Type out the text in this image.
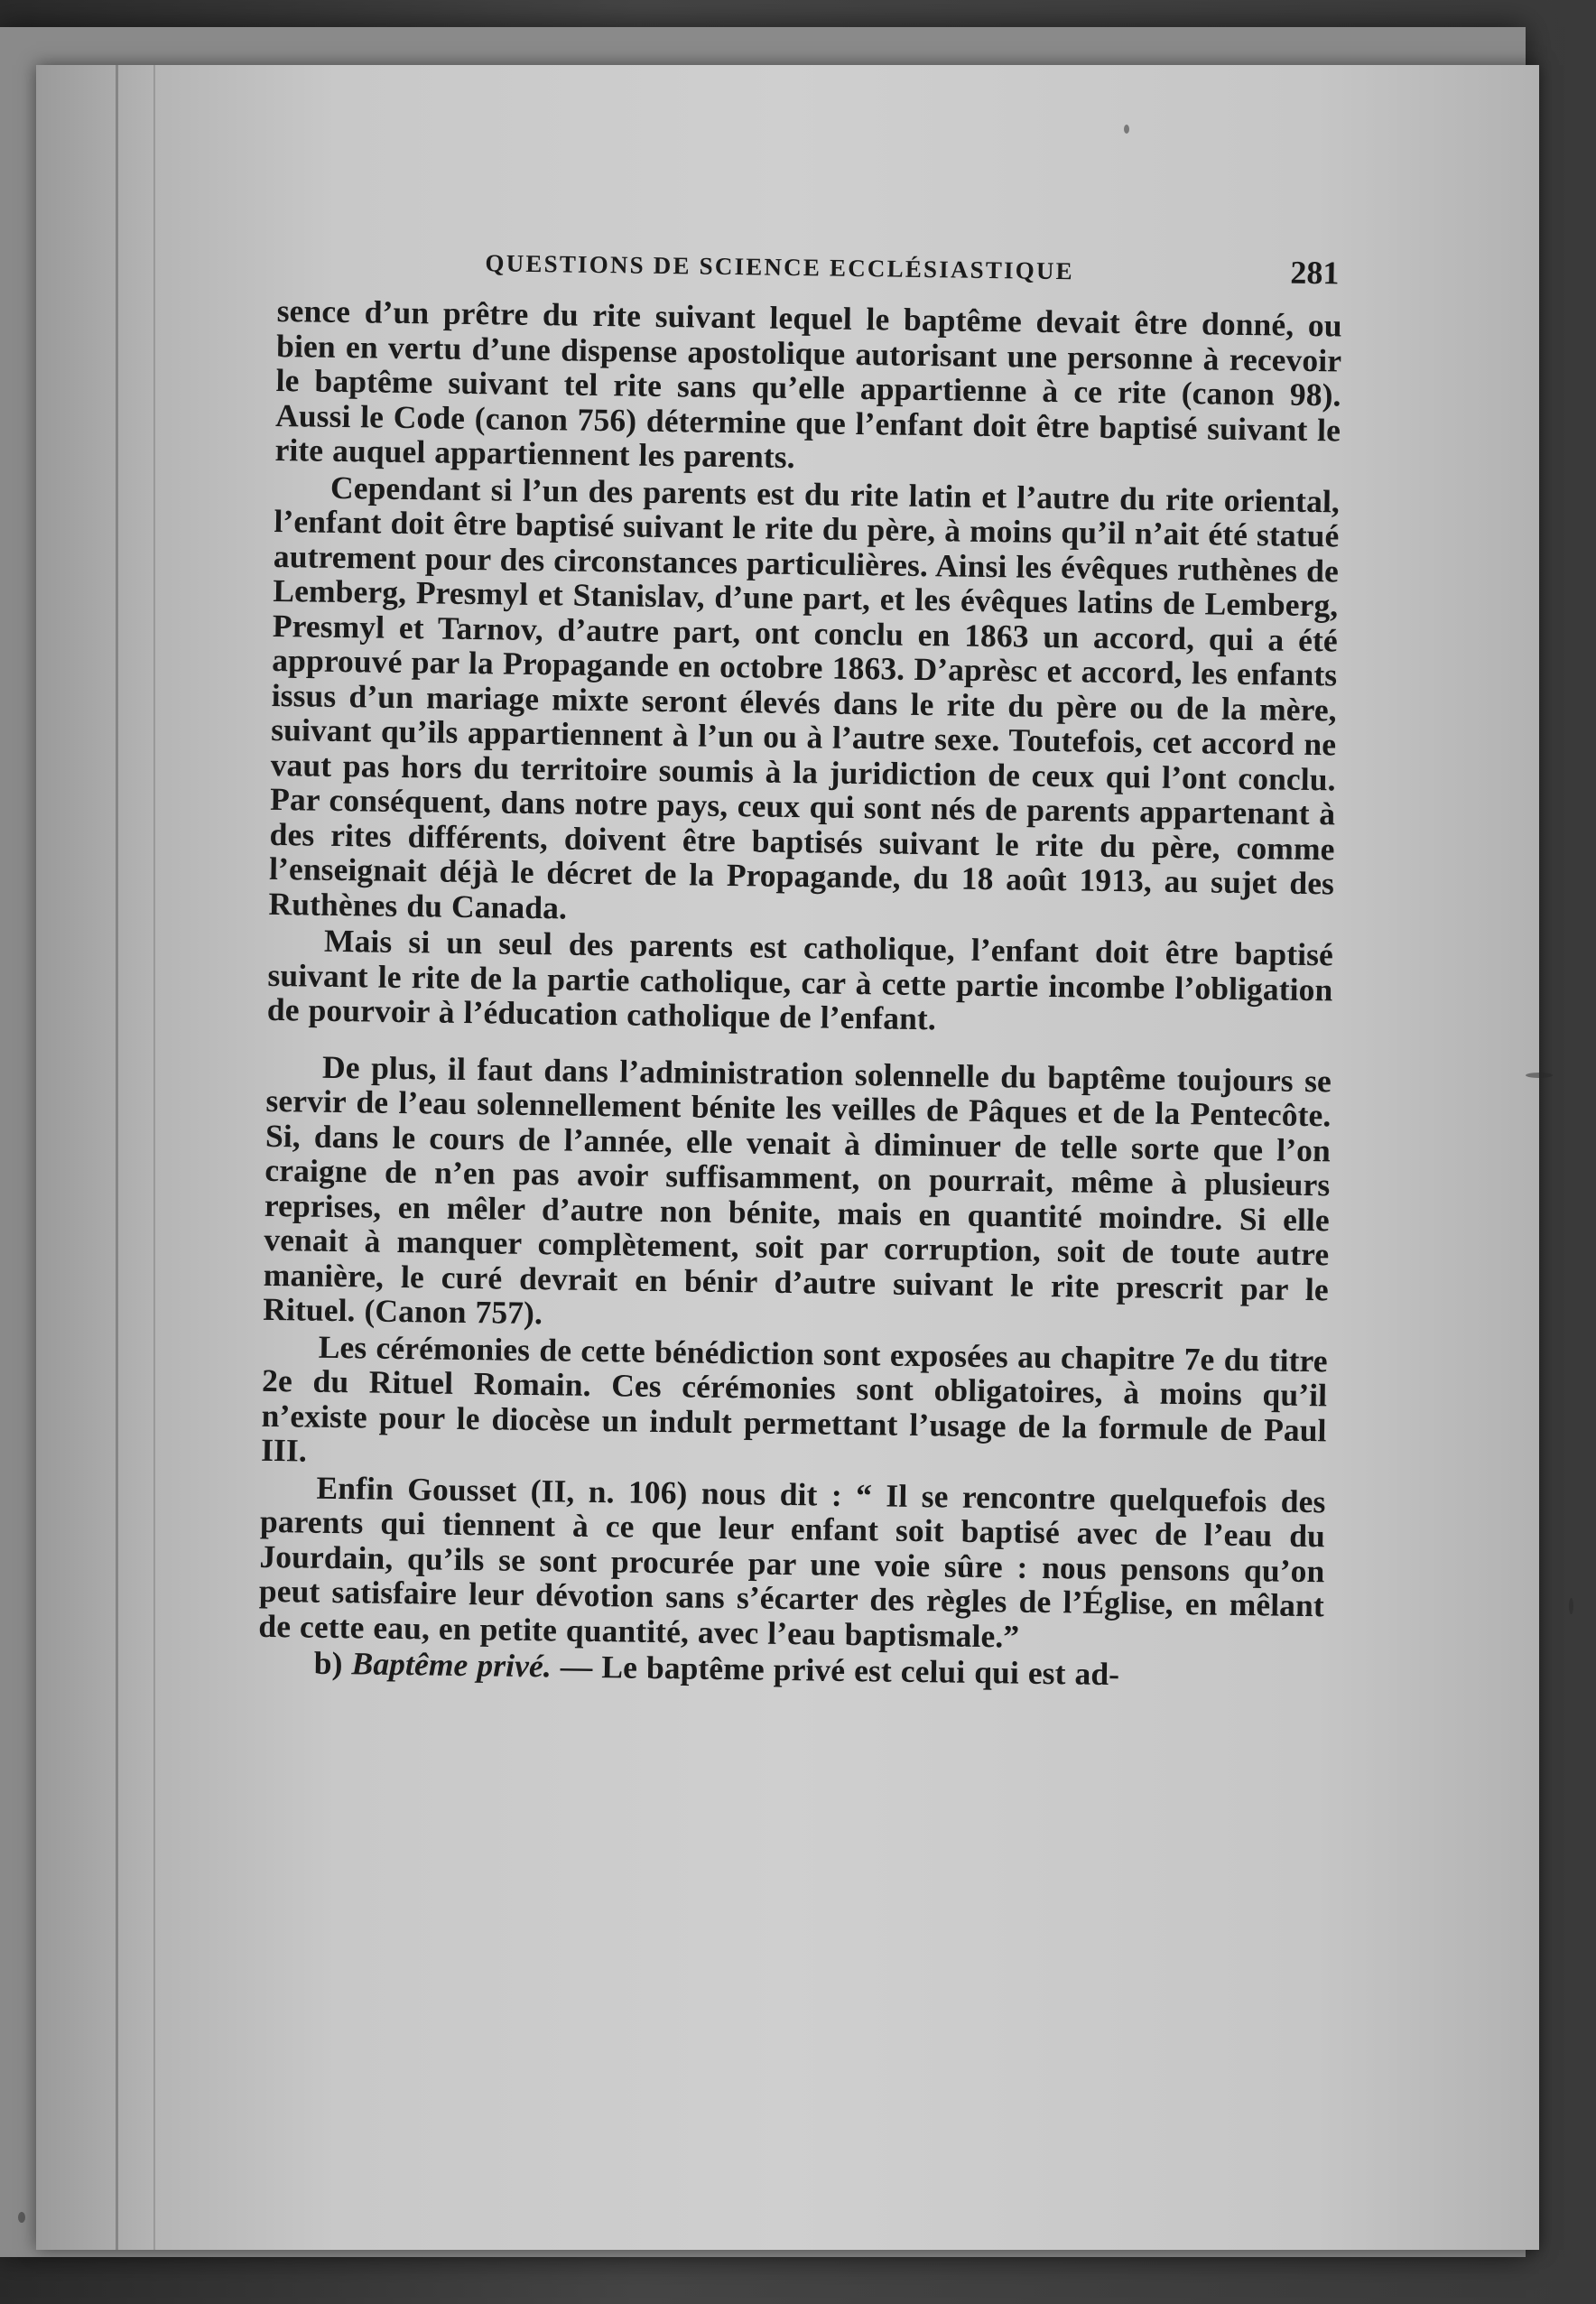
QUESTIONS DE SCIENCE ECCLÉSIASTIQUE	281

sence d’un prêtre du rite suivant lequel le baptême devait être donné, ou bien en vertu d’une dispense apostolique autorisant une personne à recevoir le baptême suivant tel rite sans qu’elle appartienne à ce rite (canon 98). Aussi le Code (canon 756) détermine que l’enfant doit être baptisé suivant le rite auquel appartiennent les parents.

Cependant si l’un des parents est du rite latin et l’autre du rite oriental, l’enfant doit être baptisé suivant le rite du père, à moins qu’il n’ait été statué autrement pour des circonstances particulières. Ainsi les évêques ruthènes de Lemberg, Presmyl et Stanislav, d’une part, et les évêques latins de Lemberg, Presmyl et Tarnov, d’autre part, ont conclu en 1863 un accord, qui a été approuvé par la Propagande en octobre 1863. D’aprèsc et accord, les enfants issus d’un mariage mixte seront élevés dans le rite du père ou de la mère, suivant qu’ils appartiennent à l’un ou à l’autre sexe. Toutefois, cet accord ne vaut pas hors du territoire soumis à la juridiction de ceux qui l’ont conclu. Par conséquent, dans notre pays, ceux qui sont nés de parents appartenant à des rites différents, doivent être baptisés suivant le rite du père, comme l’enseignait déjà le décret de la Propagande, du 18 août 1913, au sujet des Ruthènes du Canada.

Mais si un seul des parents est catholique, l’enfant doit être baptisé suivant le rite de la partie catholique, car à cette partie incombe l’obligation de pourvoir à l’éducation catholique de l’enfant.

De plus, il faut dans l’administration solennelle du baptême toujours se servir de l’eau solennellement bénite les veilles de Pâques et de la Pentecôte. Si, dans le cours de l’année, elle venait à diminuer de telle sorte que l’on craigne de n’en pas avoir suffisamment, on pourrait, même à plusieurs reprises, en mêler d’autre non bénite, mais en quantité moindre. Si elle venait à manquer complètement, soit par corruption, soit de toute autre manière, le curé devrait en bénir d’autre suivant le rite prescrit par le Rituel. (Canon 757).

Les cérémonies de cette bénédiction sont exposées au chapitre 7e du titre 2e du Rituel Romain. Ces cérémonies sont obligatoires, à moins qu’il n’existe pour le diocèse un indult permettant l’usage de la formule de Paul III.

Enfin Gousset (II, n. 106) nous dit : “ Il se rencontre quelquefois des parents qui tiennent à ce que leur enfant soit baptisé avec de l’eau du Jourdain, qu’ils se sont procurée par une voie sûre : nous pensons qu’on peut satisfaire leur dévotion sans s’écarter des règles de l’Église, en mêlant de cette eau, en petite quantité, avec l’eau baptismale.”

b) Baptême privé. — Le baptême privé est celui qui est ad-
